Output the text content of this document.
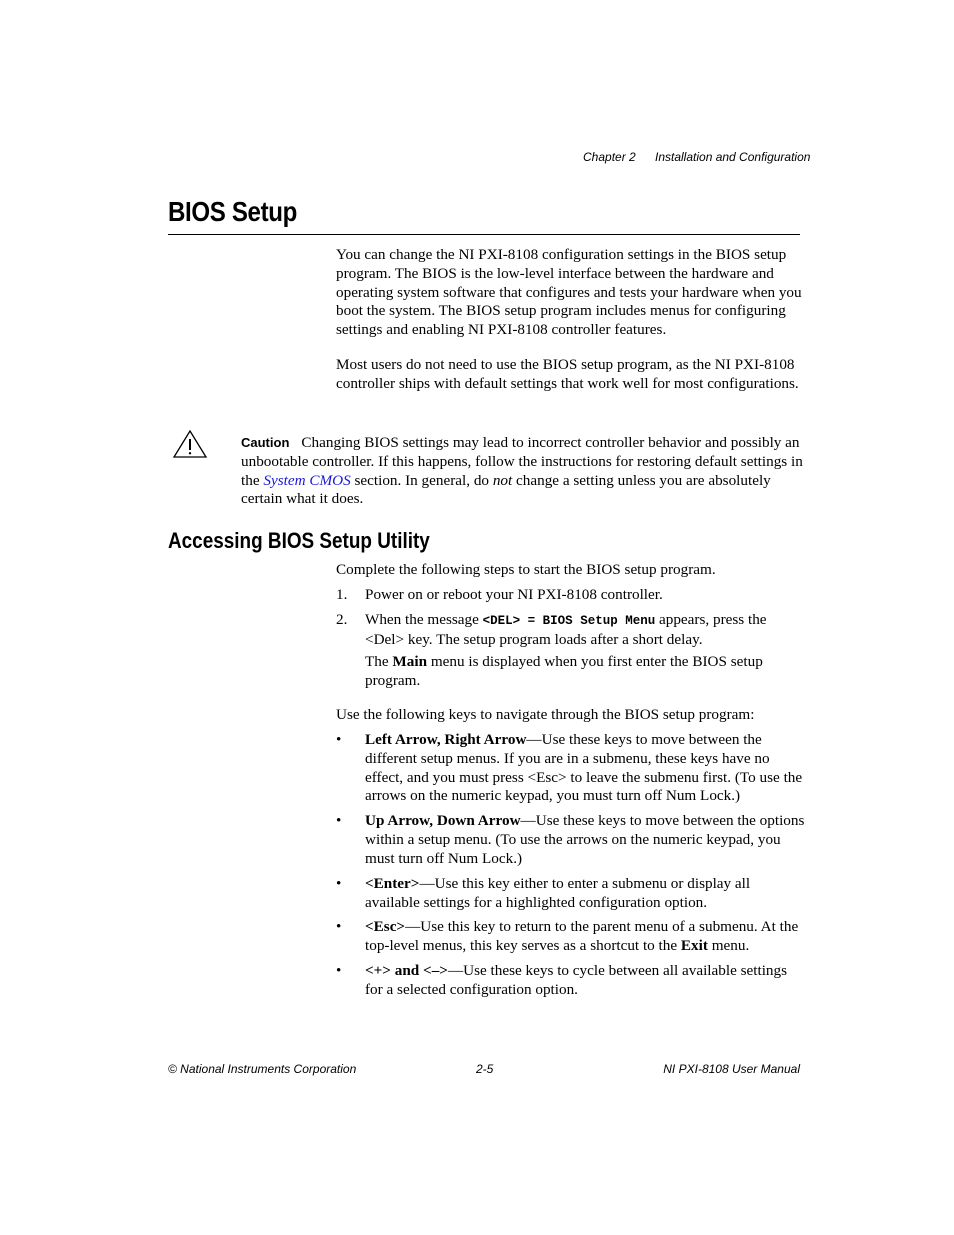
Chapter 2 Installation and Configuration
BIOS Setup

You can change the NI PXI-8108 configuration settings in the BIOS setup program. The BIOS is the low-level interface between the hardware and operating system software that configures and tests your hardware when you boot the system. The BIOS setup program includes menus for configuring settings and enabling NI PXI-8108 controller features.

Most users do not need to use the BIOS setup program, as the NI PXI-8108 controller ships with default settings that work well for most configurations.

Caution Changing BIOS settings may lead to incorrect controller behavior and possibly an unbootable controller. If this happens, follow the instructions for restoring default settings in the System CMOS section. In general, do not change a setting unless you are absolutely certain what it does.

Accessing BIOS Setup Utility

Complete the following steps to start the BIOS setup program.

1. Power on or reboot your NI PXI-8108 controller.

2. When the message <DEL> = BIOS Setup Menu appears, press the <Del> key. The setup program loads after a short delay.

The Main menu is displayed when you first enter the BIOS setup program.

Use the following keys to navigate through the BIOS setup program:

• Left Arrow, Right Arrow—Use these keys to move between the different setup menus. If you are in a submenu, these keys have no effect, and you must press <Esc> to leave the submenu first. (To use the arrows on the numeric keypad, you must turn off Num Lock.)

• Up Arrow, Down Arrow—Use these keys to move between the options within a setup menu. (To use the arrows on the numeric keypad, you must turn off Num Lock.)

• <Enter>—Use this key either to enter a submenu or display all available settings for a highlighted configuration option.

• <Esc>—Use this key to return to the parent menu of a submenu. At the top-level menus, this key serves as a shortcut to the Exit menu.

• <+> and <–>—Use these keys to cycle between all available settings for a selected configuration option.

© National Instruments Corporation	2-5	NI PXI-8108 User Manual
